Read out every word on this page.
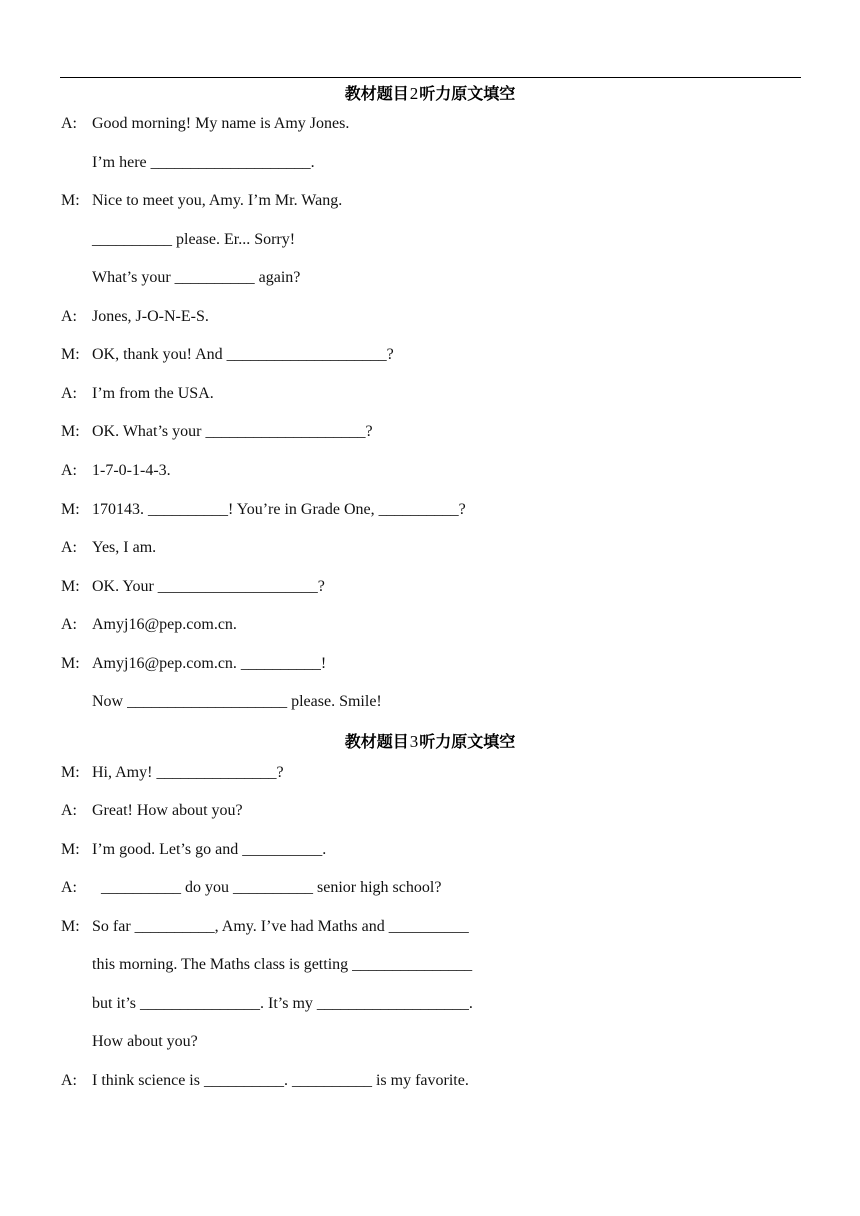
教材题目2听力原文填空
A: Good morning! My name is Amy Jones.
I’m here ____________________.
M: Nice to meet you, Amy. I’m Mr. Wang.
__________ please. Er... Sorry!
What’s your __________ again?
A: Jones, J-O-N-E-S.
M: OK, thank you! And ____________________?
A: I’m from the USA.
M: OK. What’s your ____________________?
A: 1-7-0-1-4-3.
M: 170143. __________! You’re in Grade One, __________?
A: Yes, I am.
M: OK. Your ____________________?
A: Amyj16@pep.com.cn.
M: Amyj16@pep.com.cn. __________!
Now ____________________ please. Smile!
教材题目3听力原文填空
M: Hi, Amy! _______________?
A: Great! How about you?
M: I’m good. Let’s go and __________.
A: __________ do you __________ senior high school?
M: So far __________, Amy. I’ve had Maths and __________
this morning. The Maths class is getting _______________
but it’s _______________. It’s my ___________________.
How about you?
A: I think science is __________. __________ is my favorite.
